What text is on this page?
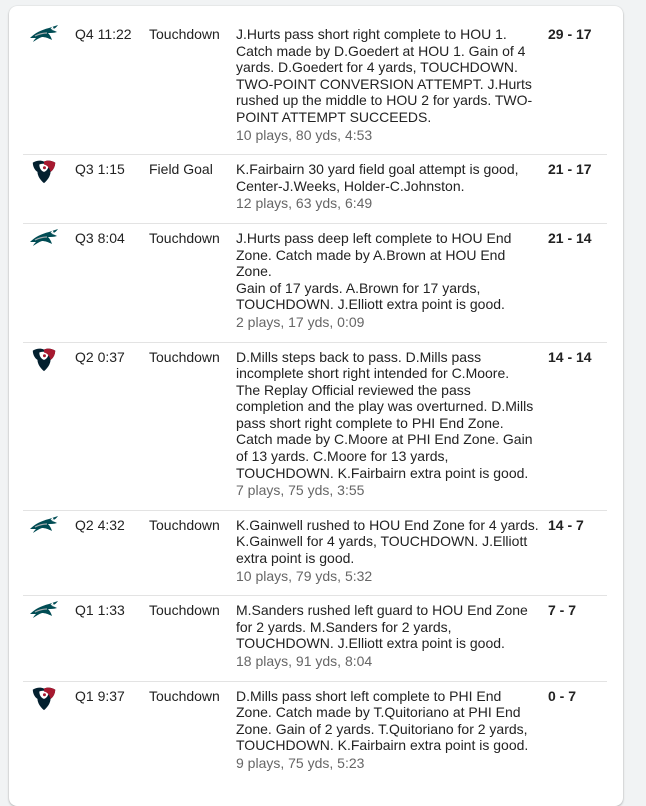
Q4 11:22 Touchdown J.Hurts pass short right complete to HOU 1.
Catch made by D.Goedert at HOU 1. Gain of 4
yards. D.Goedert for 4 yards, TOUCHDOWN.
TWO-POINT CONVERSION ATTEMPT. J.Hurts
rushed up the middle to HOU 2 for yards. TWO-
POINT ATTEMPT SUCCEEDS.
10 plays, 80 yds, 4:53
29 - 17
Q3 1:15 Field Goal K.Fairbairn 30 yard field goal attempt is good,
Center-J.Weeks, Holder-C.Johnston.
12 plays, 63 yds, 6:49
21 - 17
Q3 8:04 Touchdown J.Hurts pass deep left complete to HOU End
Zone. Catch made by A.Brown at HOU End Zone.
Gain of 17 yards. A.Brown for 17 yards,
TOUCHDOWN. J.Elliott extra point is good.
2 plays, 17 yds, 0:09
21 - 14
Q2 0:37 Touchdown D.Mills steps back to pass. D.Mills pass
incomplete short right intended for C.Moore.
The Replay Official reviewed the pass
completion and the play was overturned. D.Mills
pass short right complete to PHI End Zone.
Catch made by C.Moore at PHI End Zone. Gain
of 13 yards. C.Moore for 13 yards,
TOUCHDOWN. K.Fairbairn extra point is good.
7 plays, 75 yds, 3:55
14 - 14
Q2 4:32 Touchdown K.Gainwell rushed to HOU End Zone for 4 yards.
K.Gainwell for 4 yards, TOUCHDOWN. J.Elliott
extra point is good.
10 plays, 79 yds, 5:32
14 - 7
Q1 1:33 Touchdown M.Sanders rushed left guard to HOU End Zone
for 2 yards. M.Sanders for 2 yards,
TOUCHDOWN. J.Elliott extra point is good.
18 plays, 91 yds, 8:04
7 - 7
Q1 9:37 Touchdown D.Mills pass short left complete to PHI End
Zone. Catch made by T.Quitoriano at PHI End
Zone. Gain of 2 yards. T.Quitoriano for 2 yards,
TOUCHDOWN. K.Fairbairn extra point is good.
9 plays, 75 yds, 5:23
0 - 7
